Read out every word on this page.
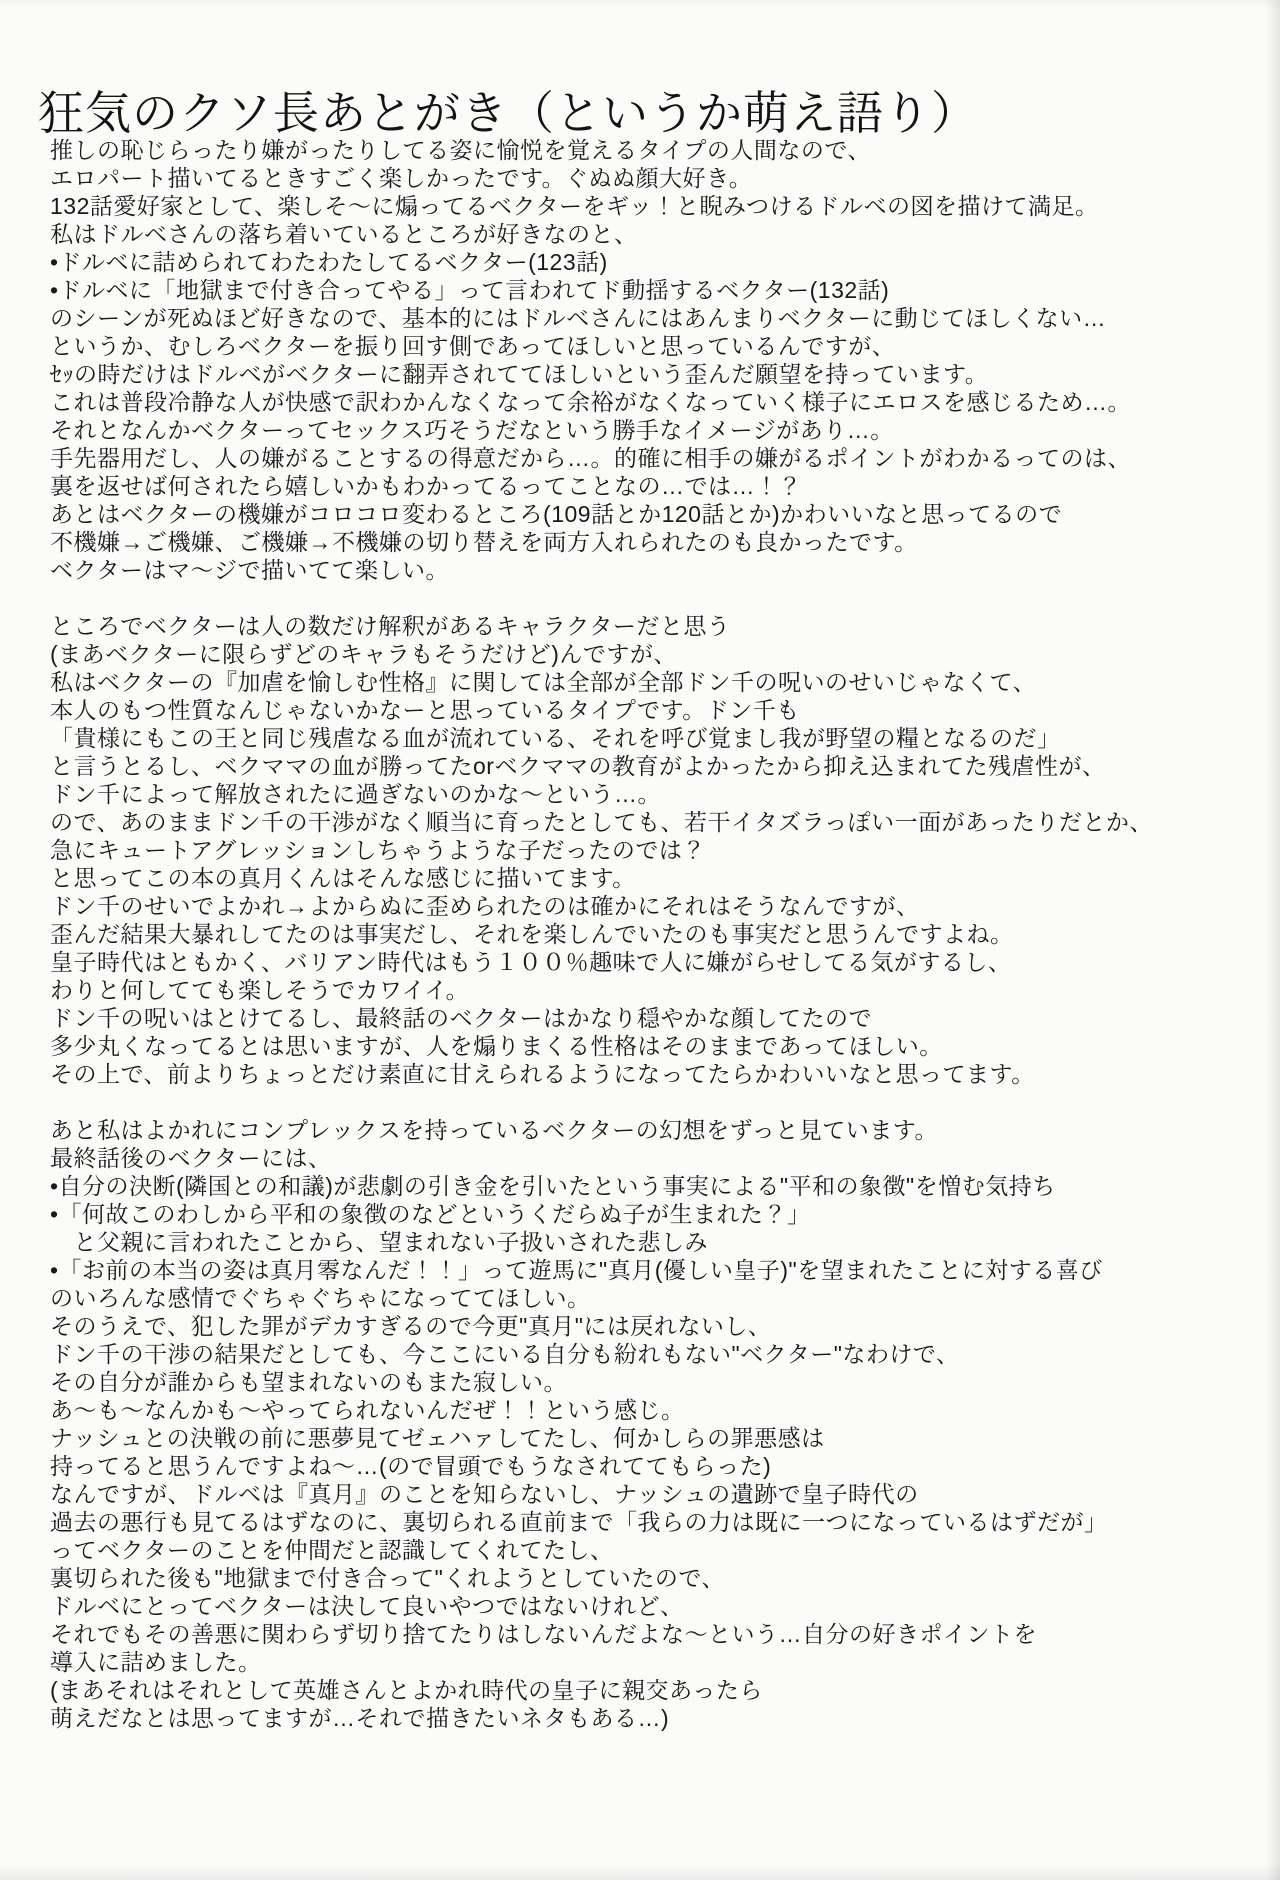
狂気のクソ長あとがき（というか萌え語り）
推しの恥じらったり嫌がったりしてる姿に愉悦を覚えるタイプの人間なので、
エロパート描いてるときすごく楽しかったです。ぐぬぬ顔大好き。
132話愛好家として、楽しそ～に煽ってるベクターをギッ！と睨みつけるドルベの図を描けて満足。
私はドルベさんの落ち着いているところが好きなのと、
•ドルベに詰められてわたわたしてるベクター(123話)
•ドルベに「地獄まで付き合ってやる」って言われてド動揺するベクター(132話)
のシーンが死ぬほど好きなので、基本的にはドルベさんにはあんまりベクターに動じてほしくない…
というか、むしろベクターを振り回す側であってほしいと思っているんですが、
ｾｯの時だけはドルベがベクターに翻弄されててほしいという歪んだ願望を持っています。
これは普段冷静な人が快感で訳わかんなくなって余裕がなくなっていく様子にエロスを感じるため…。
それとなんかベクターってセックス巧そうだなという勝手なイメージがあり…。
手先器用だし、人の嫌がることするの得意だから…。的確に相手の嫌がるポイントがわかるってのは、
裏を返せば何されたら嬉しいかもわかってるってことなの…では…！？
あとはベクターの機嫌がコロコロ変わるところ(109話とか120話とか)かわいいなと思ってるので
不機嫌→ご機嫌、ご機嫌→不機嫌の切り替えを両方入れられたのも良かったです。
ベクターはマ～ジで描いてて楽しい。
ところでベクターは人の数だけ解釈があるキャラクターだと思う
(まあベクターに限らずどのキャラもそうだけど)んですが、
私はベクターの『加虐を愉しむ性格』に関しては全部が全部ドン千の呪いのせいじゃなくて、
本人のもつ性質なんじゃないかなーと思っているタイプです。ドン千も
「貴様にもこの王と同じ残虐なる血が流れている、それを呼び覚まし我が野望の糧となるのだ」
と言うとるし、ベクママの血が勝ってたorベクママの教育がよかったから抑え込まれてた残虐性が、
ドン千によって解放されたに過ぎないのかな～という…。
ので、あのままドン千の干渉がなく順当に育ったとしても、若干イタズラっぽい一面があったりだとか、
急にキュートアグレッションしちゃうような子だったのでは？
と思ってこの本の真月くんはそんな感じに描いてます。
ドン千のせいでよかれ→よからぬに歪められたのは確かにそれはそうなんですが、
歪んだ結果大暴れしてたのは事実だし、それを楽しんでいたのも事実だと思うんですよね。
皇子時代はともかく、バリアン時代はもう１００％趣味で人に嫌がらせしてる気がするし、
わりと何してても楽しそうでカワイイ。
ドン千の呪いはとけてるし、最終話のベクターはかなり穏やかな顔してたので
多少丸くなってるとは思いますが、人を煽りまくる性格はそのままであってほしい。
その上で、前よりちょっとだけ素直に甘えられるようになってたらかわいいなと思ってます。
あと私はよかれにコンプレックスを持っているベクターの幻想をずっと見ています。
最終話後のベクターには、
•自分の決断(隣国との和議)が悲劇の引き金を引いたという事実による"平和の象徴"を憎む気持ち
•「何故このわしから平和の象徴のなどというくだらぬ子が生まれた？」
　と父親に言われたことから、望まれない子扱いされた悲しみ
•「お前の本当の姿は真月零なんだ！！」って遊馬に"真月(優しい皇子)"を望まれたことに対する喜び
のいろんな感情でぐちゃぐちゃになっててほしい。
そのうえで、犯した罪がデカすぎるので今更"真月"には戻れないし、
ドン千の干渉の結果だとしても、今ここにいる自分も紛れもない"ベクター"なわけで、
その自分が誰からも望まれないのもまた寂しい。
あ～も～なんかも～やってられないんだぜ！！という感じ。
ナッシュとの決戦の前に悪夢見てゼェハァしてたし、何かしらの罪悪感は
持ってると思うんですよね～…(ので冒頭でもうなされててもらった)
なんですが、ドルベは『真月』のことを知らないし、ナッシュの遺跡で皇子時代の
過去の悪行も見てるはずなのに、裏切られる直前まで「我らの力は既に一つになっているはずだが」
ってベクターのことを仲間だと認識してくれてたし、
裏切られた後も"地獄まで付き合って"くれようとしていたので、
ドルベにとってベクターは決して良いやつではないけれど、
それでもその善悪に関わらず切り捨てたりはしないんだよな～という…自分の好きポイントを
導入に詰めました。
(まあそれはそれとして英雄さんとよかれ時代の皇子に親交あったら
萌えだなとは思ってますが…それで描きたいネタもある…)
